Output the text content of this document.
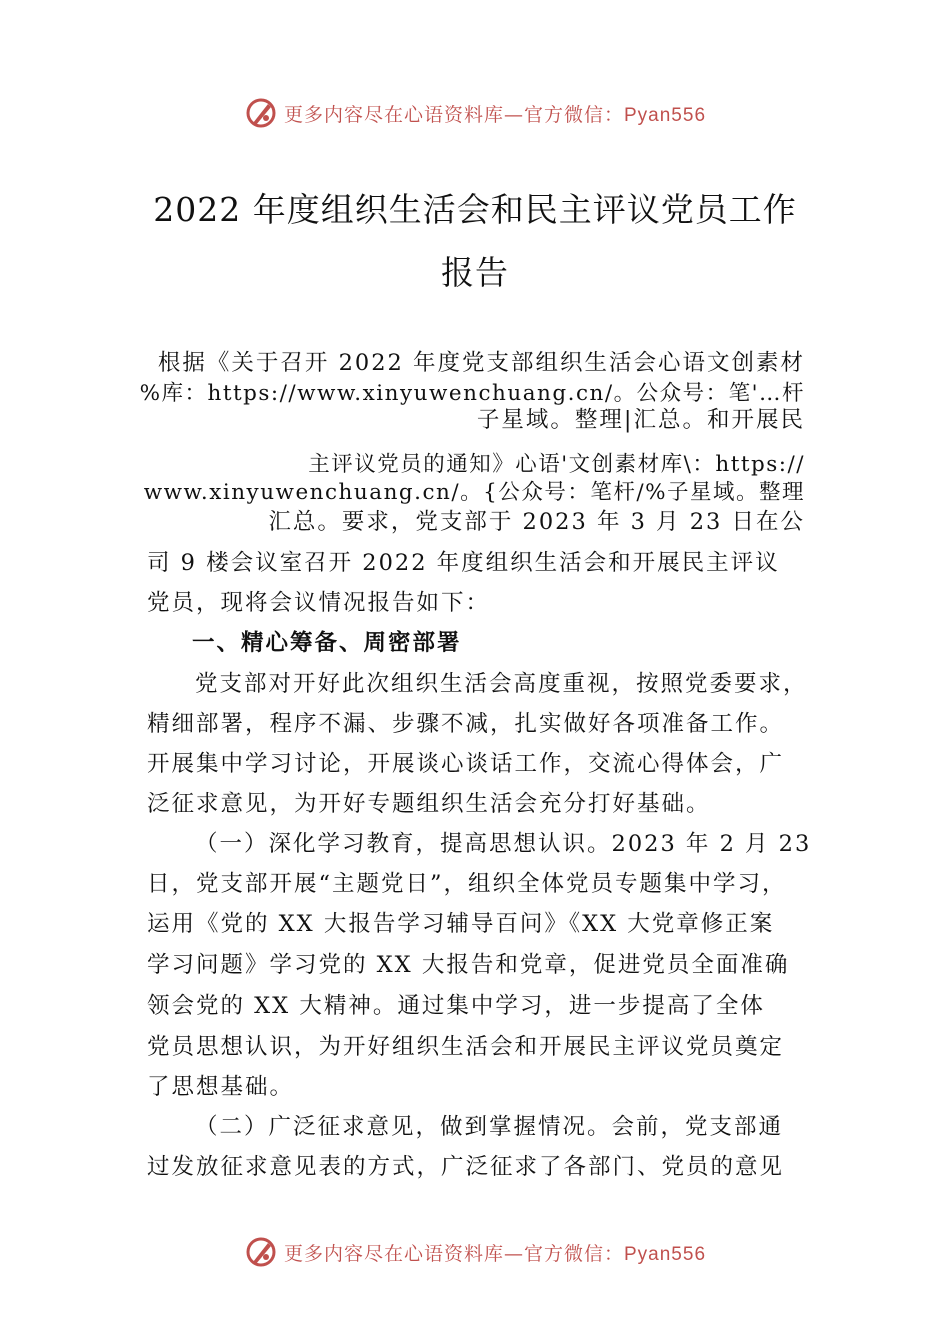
更多内容尽在心语资料库—官方微信：Pyan556
2022 年度组织生活会和民主评议党员工作
报告
根据《关于召开 2022 年度党支部组织生活会心语文创素材
%库：https://www.xinyuwenchuang.cn/。公众号：笔'…杆
子星域。整理|汇总。和开展民
主评议党员的通知》心语'文创素材库\：https://
www.xinyuwenchuang.cn/。{公众号：笔杆/%子星域。整理
汇总。要求，党支部于 2023 年 3 月 23 日在公
司 9 楼会议室召开 2022 年度组织生活会和开展民主评议
党员，现将会议情况报告如下：
一、精心筹备、周密部署
党支部对开好此次组织生活会高度重视，按照党委要求，
精细部署，程序不漏、步骤不减，扎实做好各项准备工作。
开展集中学习讨论，开展谈心谈话工作，交流心得体会，广
泛征求意见，为开好专题组织生活会充分打好基础。
（一）深化学习教育，提高思想认识。2023 年 2 月 23
日，党支部开展“主题党日”，组织全体党员专题集中学习，
运用《党的 XX 大报告学习辅导百问》《XX 大党章修正案
学习问题》学习党的 XX 大报告和党章，促进党员全面准确
领会党的 XX 大精神。通过集中学习，进一步提高了全体
党员思想认识，为开好组织生活会和开展民主评议党员奠定
了思想基础。
（二）广泛征求意见，做到掌握情况。会前，党支部通
过发放征求意见表的方式，广泛征求了各部门、党员的意见
更多内容尽在心语资料库—官方微信：Pyan556
